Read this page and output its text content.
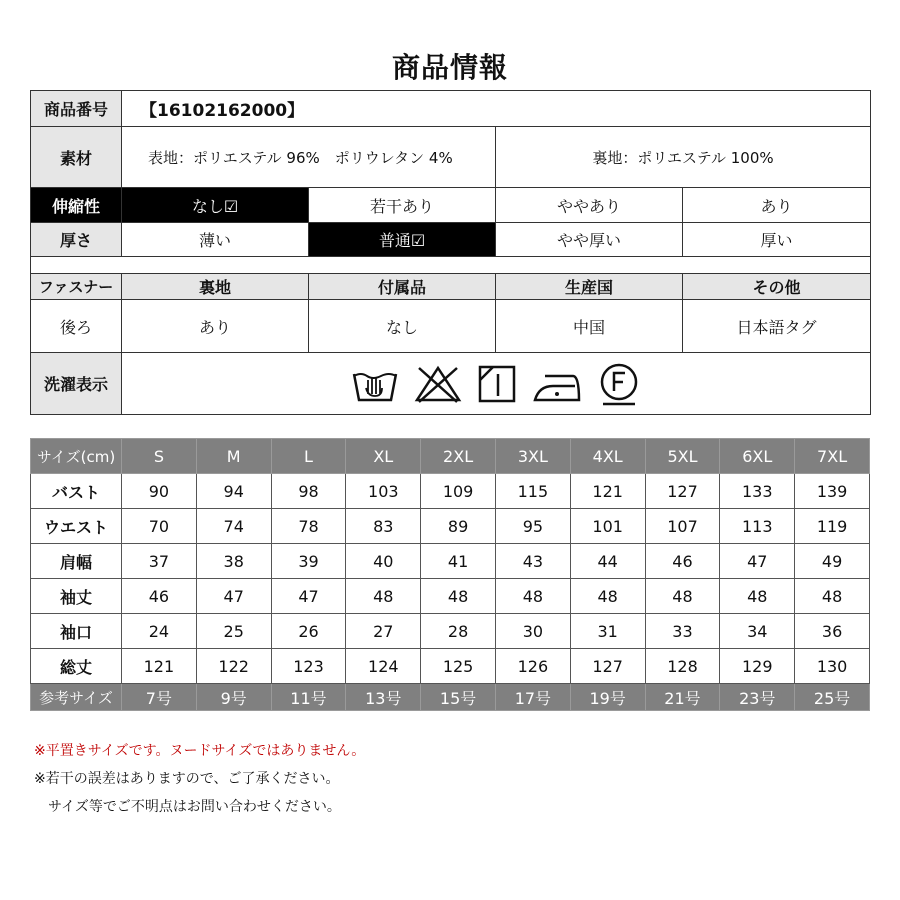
商品情報
商品番号	【16102162000】			
素材	表地：ポリエステル 96%　ポリウレタン 4%		裏地：ポリエステル 100%	
伸縮性	なし☑	若干あり	ややあり	あり
厚さ	薄い	普通☑	やや厚い	厚い

ファスナー	裏地	付属品	生産国	その他
後ろ	あり	なし	中国	日本語タグ
洗濯表示	
サイズ(cm)	S	M	L	XL	2XL	3XL	4XL	5XL	6XL	7XL
バスト	90	94	98	103	109	115	121	127	133	139
ウエスト	70	74	78	83	89	95	101	107	113	119
肩幅	37	38	39	40	41	43	44	46	47	49
袖丈	46	47	47	48	48	48	48	48	48	48
袖口	24	25	26	27	28	30	31	33	34	36
総丈	121	122	123	124	125	126	127	128	129	130
参考サイズ	7号	9号	11号	13号	15号	17号	19号	21号	23号	25号
※平置きサイズです。ヌードサイズではありません。
※若干の誤差はありますので、ご了承ください。
　サイズ等でご不明点はお問い合わせください。
